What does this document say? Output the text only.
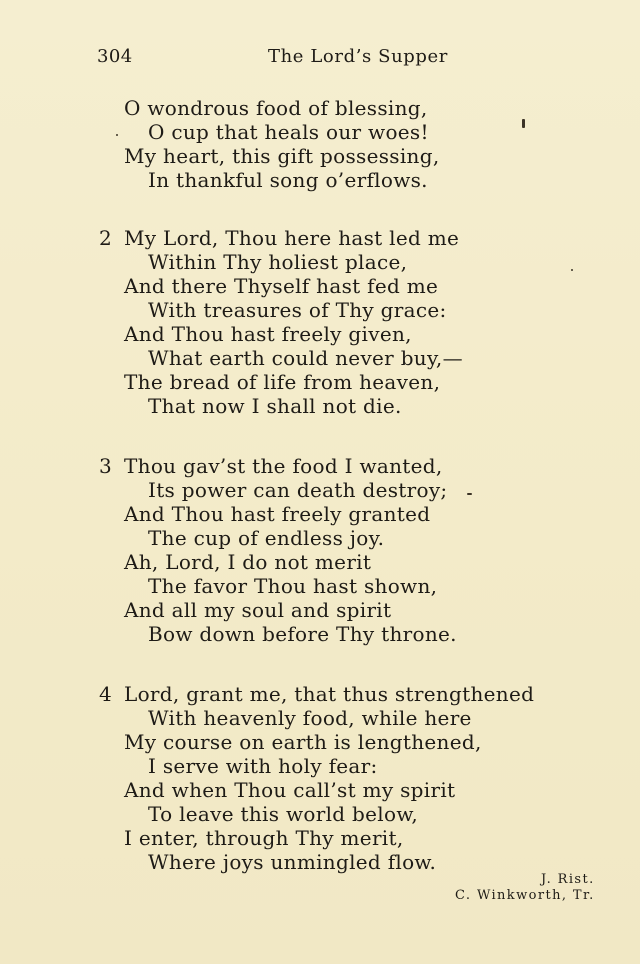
304	The Lord’s Supper
O wondrous food of blessing,
O cup that heals our woes!
My heart, this gift possessing,
In thankful song o’erflows.
2 My Lord, Thou here hast led me
Within Thy holiest place,
And there Thyself hast fed me
With treasures of Thy grace:
And Thou hast freely given,
What earth could never buy,—
The bread of life from heaven,
That now I shall not die.
3 Thou gav’st the food I wanted,
Its power can death destroy;
And Thou hast freely granted
The cup of endless joy.
Ah, Lord, I do not merit
The favor Thou hast shown,
And all my soul and spirit
Bow down before Thy throne.
4 Lord, grant me, that thus strengthened
With heavenly food, while here
My course on earth is lengthened,
I serve with holy fear:
And when Thou call’st my spirit
To leave this world below,
I enter, through Thy merit,
Where joys unmingled flow.
J. Rist.
C. Winkworth, Tr.
